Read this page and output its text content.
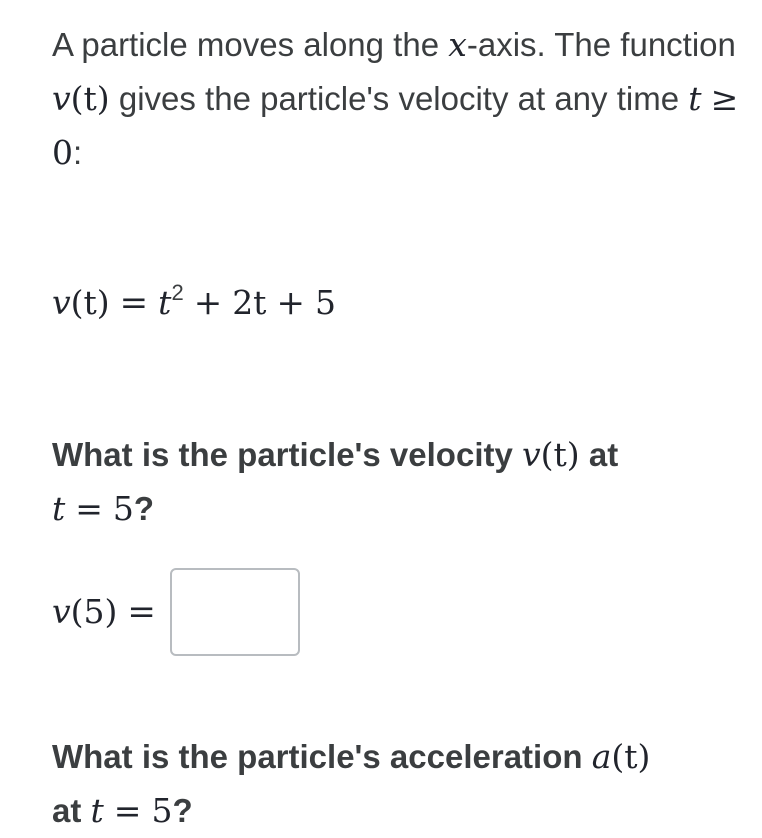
A particle moves along the x-axis. The function v(t) gives the particle's velocity at any time t ≥ 0:

$v(t) = t^2 + 2t + 5$

What is the particle's velocity v(t) at
t = 5?

v(5) =

What is the particle's acceleration a(t)
at t = 5?
